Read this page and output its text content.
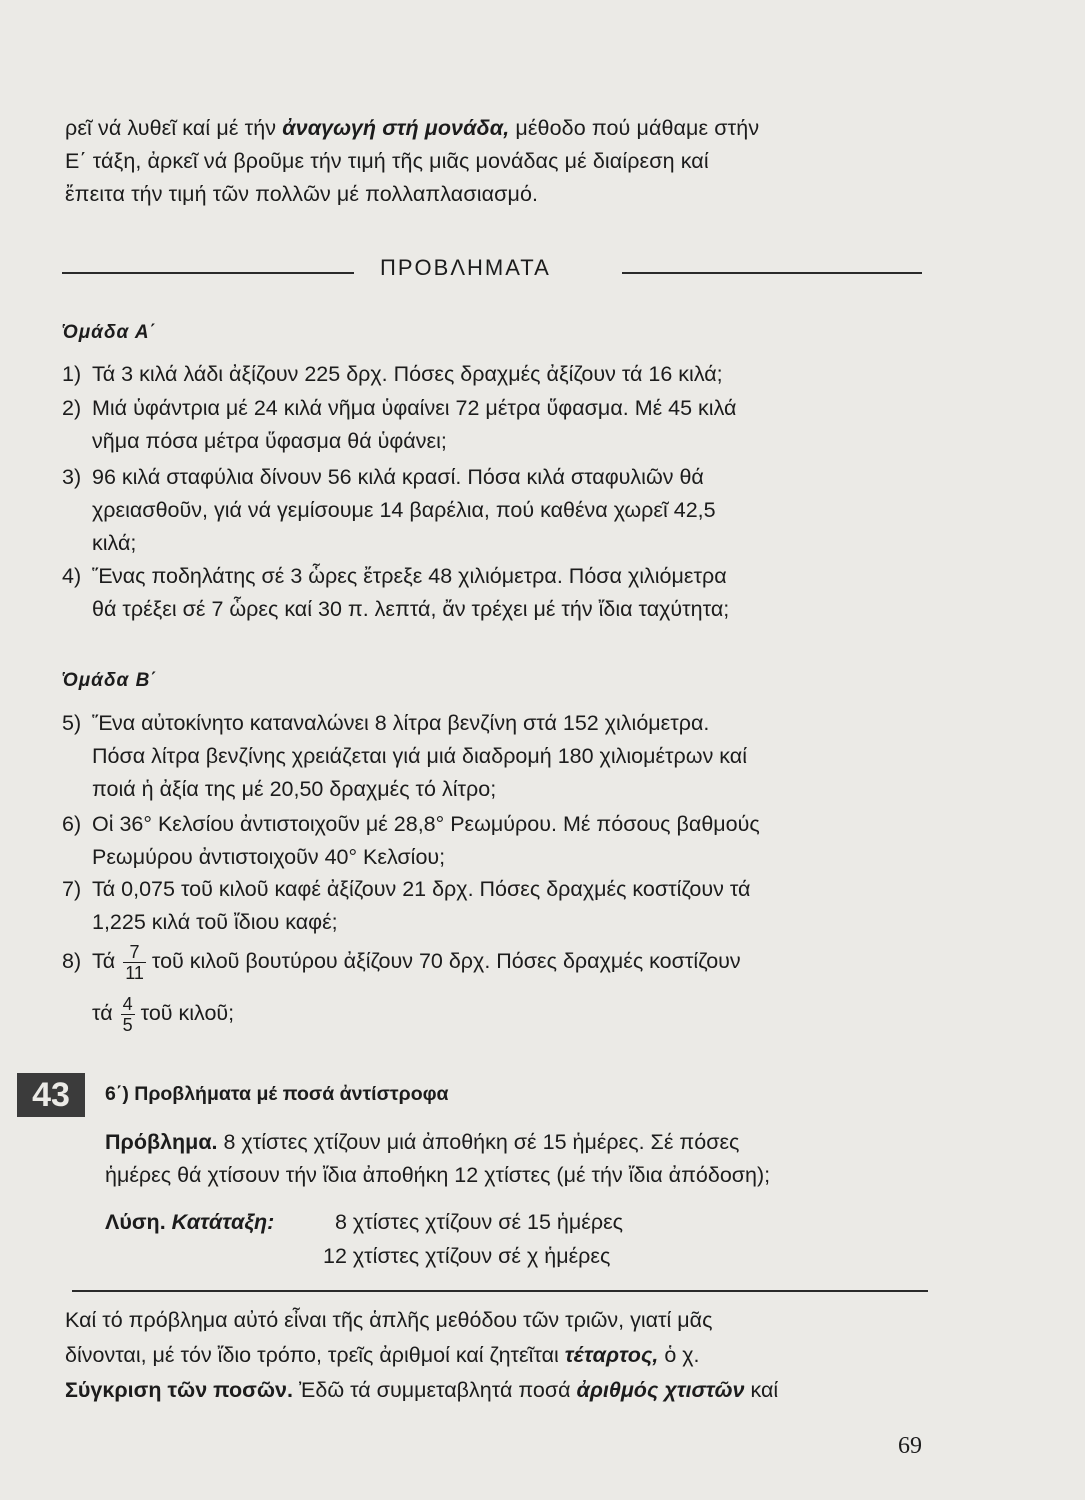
ρεῖ νά λυθεῖ καί μέ τήν ἀναγωγή στή μονάδα, μέθοδο πού μάθαμε στήν
Ε΄ τάξη, ἀρκεῖ νά βροῦμε τήν τιμή τῆς μιᾶς μονάδας μέ διαίρεση καί
ἔπειτα τήν τιμή τῶν πολλῶν μέ πολλαπλασιασμό.
ΠΡΟΒΛΗΜΑΤΑ
Ὁμάδα Α΄
1) Τά 3 κιλά λάδι ἀξίζουν 225 δρχ. Πόσες δραχμές ἀξίζουν τά 16 κιλά;
2) Μιά ὑφάντρια μέ 24 κιλά νῆμα ὑφαίνει 72 μέτρα ὕφασμα. Μέ 45 κιλά
νῆμα πόσα μέτρα ὕφασμα θά ὑφάνει;
3) 96 κιλά σταφύλια δίνουν 56 κιλά κρασί. Πόσα κιλά σταφυλιῶν θά
χρειασθοῦν, γιά νά γεμίσουμε 14 βαρέλια, πού καθένα χωρεῖ 42,5
κιλά;
4) Ἕνας ποδηλάτης σέ 3 ὧρες ἔτρεξε 48 χιλιόμετρα. Πόσα χιλιόμετρα
θά τρέξει σέ 7 ὧρες καί 30 π. λεπτά, ἄν τρέχει μέ τήν ἴδια ταχύτητα;
Ὁμάδα Β΄
5) Ἕνα αὐτοκίνητο καταναλώνει 8 λίτρα βενζίνη στά 152 χιλιόμετρα.
Πόσα λίτρα βενζίνης χρειάζεται γιά μιά διαδρομή 180 χιλιομέτρων καί
ποιά ἡ ἀξία της μέ 20,50 δραχμές τό λίτρο;
6) Οἱ 36° Κελσίου ἀντιστοιχοῦν μέ 28,8° Ρεωμύρου. Μέ πόσους βαθμούς
Ρεωμύρου ἀντιστοιχοῦν 40° Κελσίου;
7) Τά 0,075 τοῦ κιλοῦ καφέ ἀξίζουν 21 δρχ. Πόσες δραχμές κοστίζουν τά
1,225 κιλά τοῦ ἴδιου καφέ;
8) Τά $\frac{7}{11}$ τοῦ κιλοῦ βουτύρου ἀξίζουν 70 δρχ. Πόσες δραχμές κοστίζουν
τά $\frac{4}{5}$ τοῦ κιλοῦ;
43	6΄) Προβλήματα μέ ποσά ἀντίστροφα
Πρόβλημα. 8 χτίστες χτίζουν μιά ἀποθήκη σέ 15 ἡμέρες. Σέ πόσες
ἡμέρες θά χτίσουν τήν ἴδια ἀποθήκη 12 χτίστες (μέ τήν ἴδια ἀπόδοση);
Λύση. Κατάταξη:	8 χτίστες χτίζουν σέ 15 ἡμέρες
12 χτίστες χτίζουν σέ χ ἡμέρες
Καί τό πρόβλημα αὐτό εἶναι τῆς ἁπλῆς μεθόδου τῶν τριῶν, γιατί μᾶς
δίνονται, μέ τόν ἴδιο τρόπο, τρεῖς ἀριθμοί καί ζητεῖται τέταρτος, ὁ χ.
Σύγκριση τῶν ποσῶν. Ἐδῶ τά συμμεταβλητά ποσά ἀριθμός χτιστῶν καί
69
